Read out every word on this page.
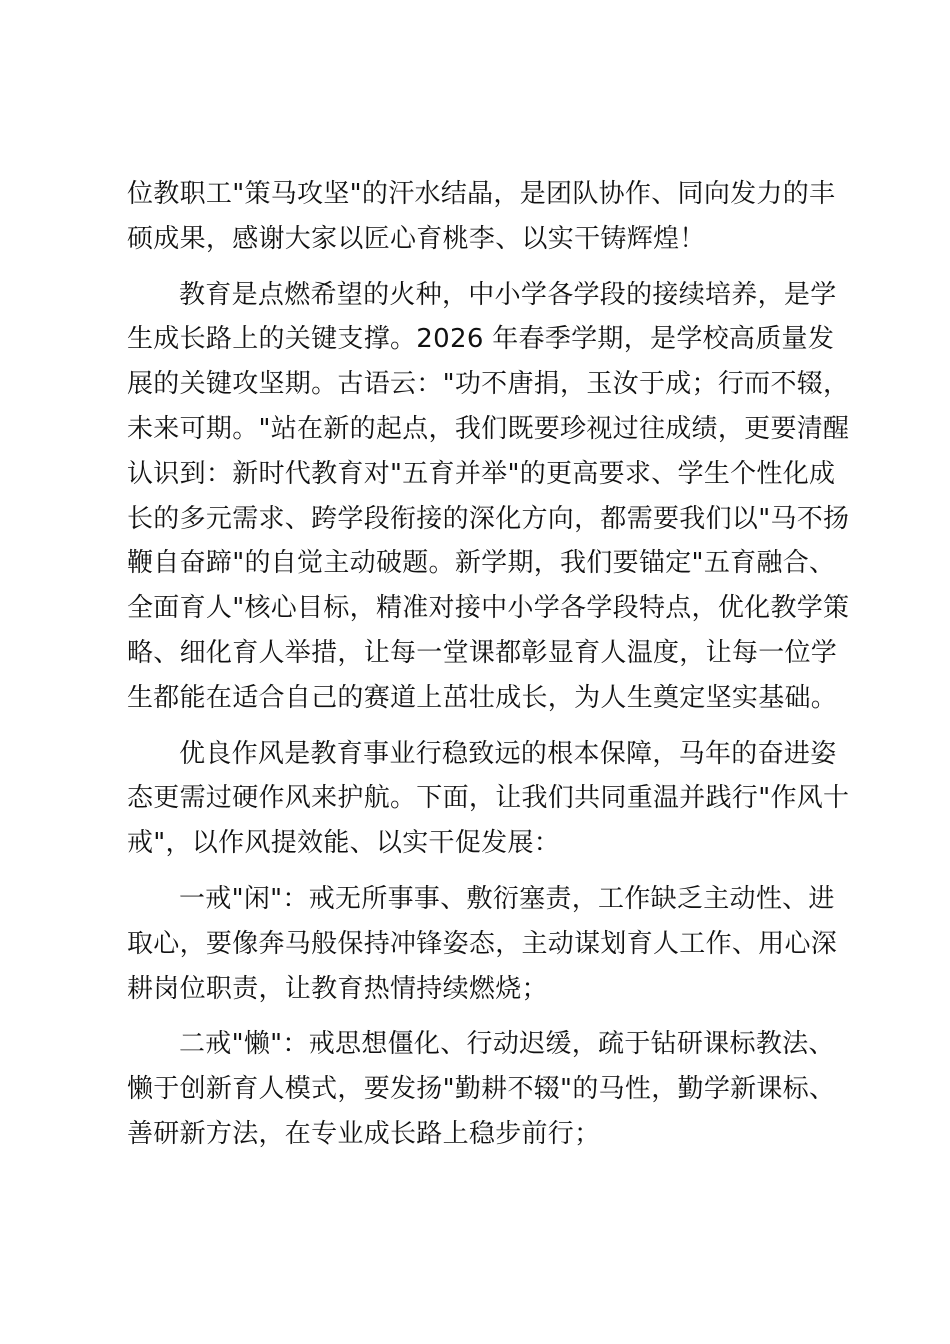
位教职工"策马攻坚"的汗水结晶，是团队协作、同向发力的丰
硕成果，感谢大家以匠心育桃李、以实干铸辉煌！
教育是点燃希望的火种，中小学各学段的接续培养，是学
生成长路上的关键支撑。2026 年春季学期，是学校高质量发
展的关键攻坚期。古语云："功不唐捐，玉汝于成；行而不辍，
未来可期。"站在新的起点，我们既要珍视过往成绩，更要清醒
认识到：新时代教育对"五育并举"的更高要求、学生个性化成
长的多元需求、跨学段衔接的深化方向，都需要我们以"马不扬
鞭自奋蹄"的自觉主动破题。新学期，我们要锚定"五育融合、
全面育人"核心目标，精准对接中小学各学段特点，优化教学策
略、细化育人举措，让每一堂课都彰显育人温度，让每一位学
生都能在适合自己的赛道上茁壮成长，为人生奠定坚实基础。
优良作风是教育事业行稳致远的根本保障，马年的奋进姿
态更需过硬作风来护航。下面，让我们共同重温并践行"作风十
戒"，以作风提效能、以实干促发展：
一戒"闲"：戒无所事事、敷衍塞责，工作缺乏主动性、进
取心，要像奔马般保持冲锋姿态，主动谋划育人工作、用心深
耕岗位职责，让教育热情持续燃烧；
二戒"懒"：戒思想僵化、行动迟缓，疏于钻研课标教法、
懒于创新育人模式，要发扬"勤耕不辍"的马性，勤学新课标、
善研新方法，在专业成长路上稳步前行；
